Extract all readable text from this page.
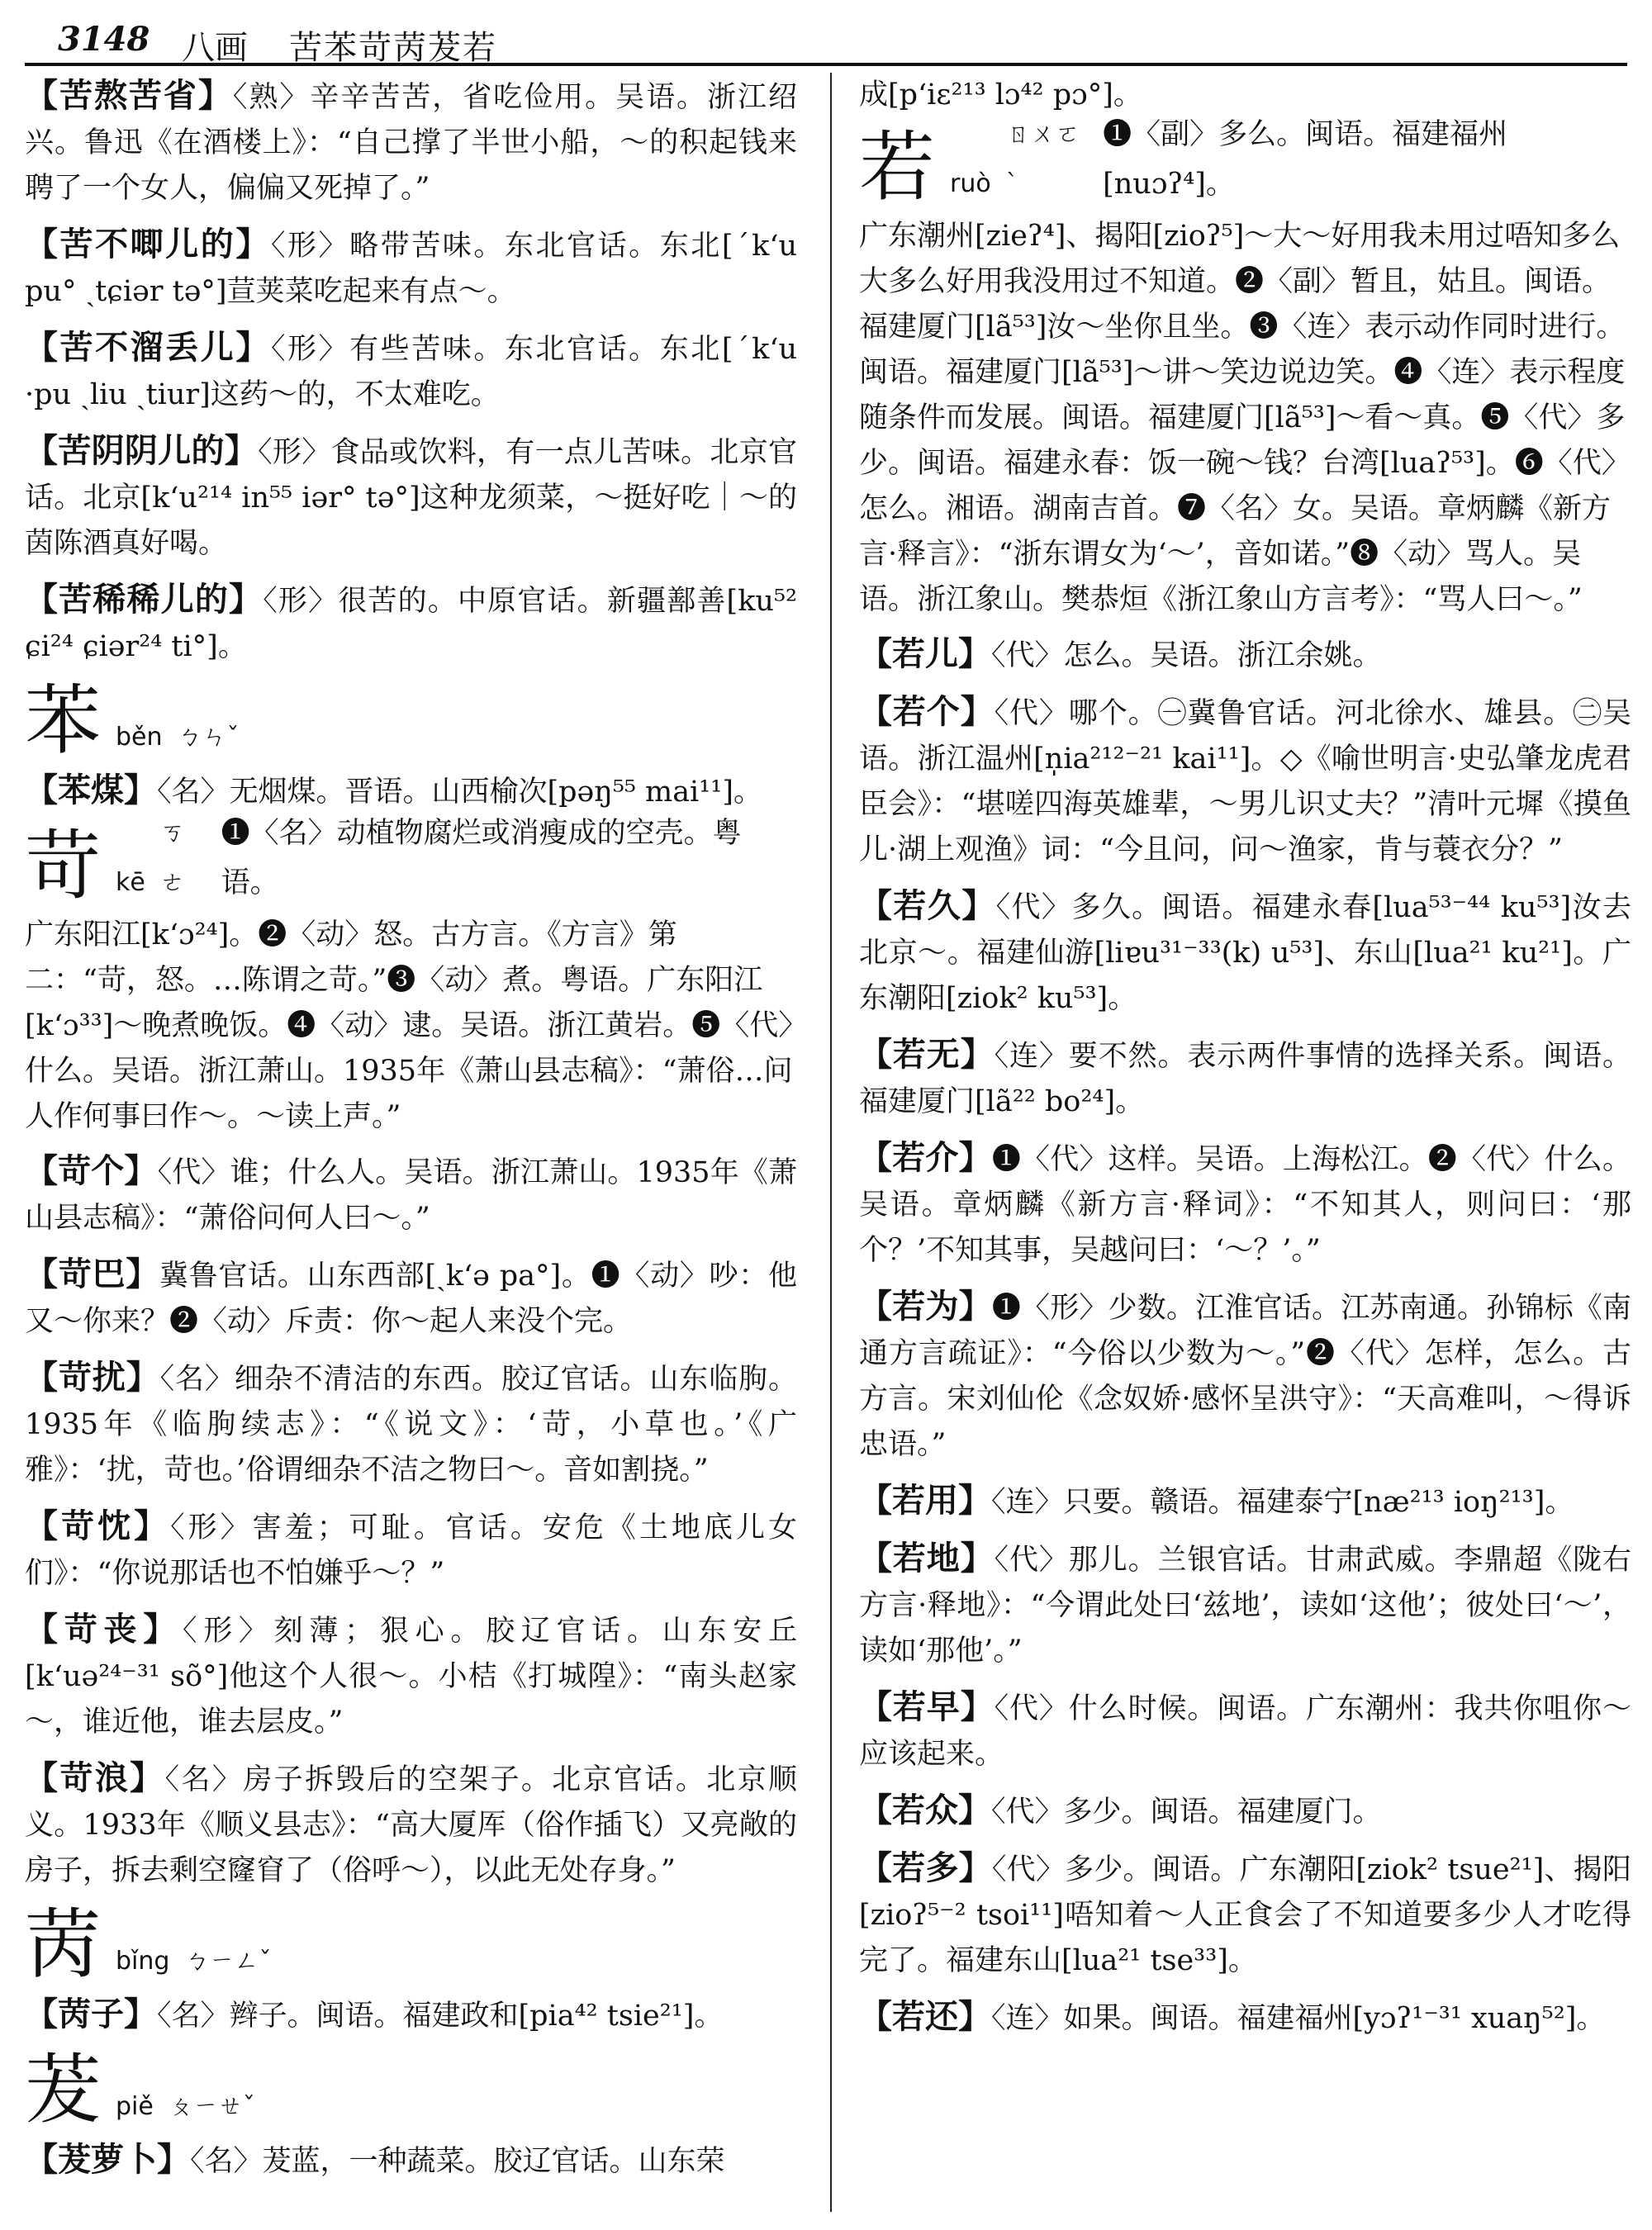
3148 八画 苦苯苛苪茇若
【苦熬苦省】〈熟〉辛辛苦苦，省吃俭用。吴语。浙江绍兴。鲁迅《在酒楼上》：“自己撑了半世小船，～的积起钱来聘了一个女人，偏偏又死掉了。”
【苦不唧儿的】〈形〉略带苦味。东北官话。东北[ˊk‘u pu° ˏtɕiər tə°]荁荚菜吃起来有点～。
【苦不溜丢儿】〈形〉有些苦味。东北官话。东北[ˊk‘u ·pu ˏliu ˏtiur]这药～的，不太难吃。
【苦阴阴儿的】〈形〉食品或饮料，有一点儿苦味。北京官话。北京[k‘u²¹⁴ in⁵⁵ iər° tə°]这种龙须菜，～挺好吃｜～的茵陈酒真好喝。
【苦稀稀儿的】〈形〉很苦的。中原官话。新疆鄯善[ku⁵² ɕi²⁴ ɕiər²⁴ ti°]。
苯 běn ㄅㄣˇ
【苯煤】〈名〉无烟煤。晋语。山西榆次[pəŋ⁵⁵ mai¹¹]。
苛 kē
ㄎㄜ
❶〈名〉动植物腐烂或消瘦成的空壳。粤语。
广东阳江[k‘ɔ²⁴]。❷〈动〉怒。古方言。《方言》第二：“苛，怒。…陈谓之苛。”❸〈动〉煮。粤语。广东阳江[k‘ɔ³³]～晚煮晚饭。❹〈动〉逮。吴语。浙江黄岩。❺〈代〉什么。吴语。浙江萧山。1935年《萧山县志稿》：“萧俗…问人作何事曰作～。～读上声。”
【苛个】〈代〉谁；什么人。吴语。浙江萧山。1935年《萧山县志稿》：“萧俗问何人曰～。”
【苛巴】冀鲁官话。山东西部[ˏk‘ə pa°]。❶〈动〉吵：他又～你来？❷〈动〉斥责：你～起人来没个完。
【苛扰】〈名〉细杂不清洁的东西。胶辽官话。山东临朐。1935年《临朐续志》：“《说文》：‘苛，小草也。’《广雅》：‘扰，苛也。’俗谓细杂不洁之物曰～。音如割挠。”
【苛忱】〈形〉害羞；可耻。官话。安危《土地底儿女们》：“你说那话也不怕嫌乎～？”
【苛丧】〈形〉刻薄；狠心。胶辽官话。山东安丘[k‘uə²⁴⁻³¹ sõ°]他这个人很～。小桔《打城隍》：“南头赵家～，谁近他，谁去层皮。”
【苛浪】〈名〉房子拆毁后的空架子。北京官话。北京顺义。1933年《顺义县志》：“高大厦厍（俗作插飞）又亮敞的房子，拆去剩空窿窅了（俗呼～），以此无处存身。”
苪 bǐng ㄅㄧㄥˇ
【苪子】〈名〉辫子。闽语。福建政和[pia⁴² tsie²¹]。
茇 piě ㄆㄧㄝˇ
【茇萝卜】〈名〉茇蓝，一种蔬菜。胶辽官话。山东荣
成[p‘iɛ²¹³ lɔ⁴² pɔ°]。
若 ruò
ㄖㄨㄛˋ
❶〈副〉多么。闽语。福建福州[nuɔʔ⁴]。
广东潮州[zieʔ⁴]、揭阳[zioʔ⁵]～大～好用我未用过唔知多么大多么好用我没用过不知道。❷〈副〉暂且，姑且。闽语。福建厦门[lã⁵³]汝～坐你且坐。❸〈连〉表示动作同时进行。闽语。福建厦门[lã⁵³]～讲～笑边说边笑。❹〈连〉表示程度随条件而发展。闽语。福建厦门[lã⁵³]～看～真。❺〈代〉多少。闽语。福建永春：饭一碗～钱？台湾[luaʔ⁵³]。❻〈代〉怎么。湘语。湖南吉首。❼〈名〉女。吴语。章炳麟《新方言·释言》：“浙东谓女为‘～’，音如诺。”❽〈动〉骂人。吴语。浙江象山。樊恭烜《浙江象山方言考》：“骂人曰～。”
【若儿】〈代〉怎么。吴语。浙江余姚。
【若个】〈代〉哪个。㊀冀鲁官话。河北徐水、雄县。㊁吴语。浙江温州[n̩ia²¹²⁻²¹ kai¹¹]。◇《喻世明言·史弘肇龙虎君臣会》：“堪嗟四海英雄辈，～男儿识丈夫？”清叶元墀《摸鱼儿·湖上观渔》词：“今且问，问～渔家，肯与蓑衣分？”
【若久】〈代〉多久。闽语。福建永春[lua⁵³⁻⁴⁴ ku⁵³]汝去北京～。福建仙游[liɐu³¹⁻³³(k) u⁵³]、东山[lua²¹ ku²¹]。广东潮阳[ziok² ku⁵³]。
【若无】〈连〉要不然。表示两件事情的选择关系。闽语。福建厦门[lã²² bo²⁴]。
【若介】❶〈代〉这样。吴语。上海松江。❷〈代〉什么。吴语。章炳麟《新方言·释词》：“不知其人，则问曰：‘那个？’不知其事，吴越问曰：‘～？’。”
【若为】❶〈形〉少数。江淮官话。江苏南通。孙锦标《南通方言疏证》：“今俗以少数为～。”❷〈代〉怎样，怎么。古方言。宋刘仙伦《念奴娇·感怀呈洪守》：“天高难叫，～得诉忠语。”
【若用】〈连〉只要。赣语。福建泰宁[næ²¹³ ioŋ²¹³]。
【若地】〈代〉那儿。兰银官话。甘肃武威。李鼎超《陇右方言·释地》：“今谓此处曰‘兹地’，读如‘这他’；彼处曰‘～’，读如‘那他’。”
【若早】〈代〉什么时候。闽语。广东潮州：我共你咀你～应该起来。
【若众】〈代〉多少。闽语。福建厦门。
【若多】〈代〉多少。闽语。广东潮阳[ziok² tsue²¹]、揭阳[zioʔ⁵⁻² tsoi¹¹]唔知着～人正食会了不知道要多少人才吃得完了。福建东山[lua²¹ tse³³]。
【若还】〈连〉如果。闽语。福建福州[yɔʔ¹⁻³¹ xuaŋ⁵²]。
